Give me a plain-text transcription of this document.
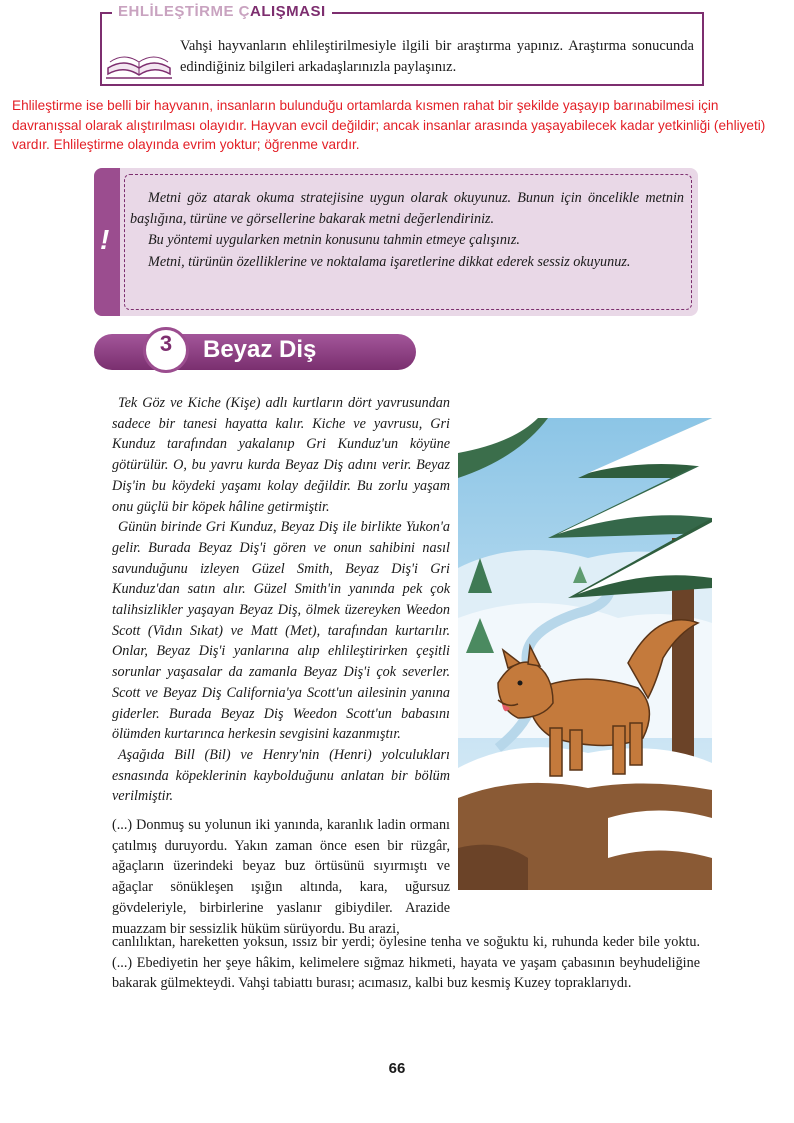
EHLİLEŞTİRME ÇALIŞMASI
Vahşi hayvanların ehlileştirilmesiyle ilgili bir araştırma yapınız. Araştırma sonucunda edindiğiniz bilgileri arkadaşlarınızla paylaşınız.
Ehlileştirme ise belli bir hayvanın, insanların bulunduğu ortamlarda kısmen rahat bir şekilde yaşayıp barınabilmesi için davranışsal olarak alıştırılması olayıdır. Hayvan evcil değildir; ancak insanlar arasında yaşayabilecek kadar yetkinliği (ehliyeti) vardır. Ehlileştirme olayında evrim yoktur; öğrenme vardır.
!

Metni göz atarak okuma stratejisine uygun olarak okuyunuz. Bunun için öncelikle metnin başlığına, türüne ve görsellerine bakarak metni değerlendiriniz.

Bu yöntemi uygularken metnin konusunu tahmin etmeye çalışınız.

Metni, türünün özelliklerine ve noktalama işaretlerine dikkat ederek sessiz okuyunuz.

3	Beyaz Diş

Tek Göz ve Kiche (Kişe) adlı kurtların dört yavrusundan sadece bir tanesi hayatta kalır. Kiche ve yavrusu, Gri Kunduz tarafından yakalanıp Gri Kunduz'un köyüne götürülür. O, bu yavru kurda Beyaz Diş adını verir. Beyaz Diş'in bu köydeki yaşamı kolay değildir. Bu zorlu yaşam onu güçlü bir köpek hâline getirmiştir.

Günün birinde Gri Kunduz, Beyaz Diş ile birlikte Yukon'a gelir. Burada Beyaz Diş'i gören ve onun sahibini nasıl savunduğunu izleyen Güzel Smith, Beyaz Diş'i Gri Kunduz'dan satın alır. Güzel Smith'in yanında pek çok talihsizlikler yaşayan Beyaz Diş, ölmek üzereyken Weedon Scott (Vidın Sıkat) ve Matt (Met), tarafından kurtarılır. Onlar, Beyaz Diş'i yanlarına alıp ehlileştirirken çeşitli sorunlar yaşasalar da zamanla Beyaz Diş'i çok severler. Scott ve Beyaz Diş California'ya Scott'un ailesinin yanına giderler. Burada Beyaz Diş Weedon Scott'un babasını ölümden kurtarınca herkesin sevgisini kazanmıştır.

Aşağıda Bill (Bil) ve Henry'nin (Henri) yolculukları esnasında köpeklerinin kaybolduğunu anlatan bir bölüm verilmiştir.

(...) Donmuş su yolunun iki yanında, karanlık ladin ormanı çatılmış duruyordu. Yakın zaman önce esen bir rüzgâr, ağaçların üzerindeki beyaz buz örtüsünü sıyırmıştı ve ağaçlar sönükleşen ışığın altında, kara, uğursuz gövdeleriyle, birbirlerine yaslanır gibiydiler. Arazide muazzam bir sessizlik hüküm sürüyordu. Bu arazi,
canlılıktan, hareketten yoksun, ıssız bir yerdi; öylesine tenha ve soğuktu ki, ruhunda keder bile yoktu. (...) Ebediyetin her şeye hâkim, kelimelere sığmaz hikmeti, hayata ve yaşam çabasının beyhudeliğine bakarak gülmekteydi. Vahşi tabiattı burası; acımasız, kalbi buz kesmiş Kuzey topraklarıydı.
66
